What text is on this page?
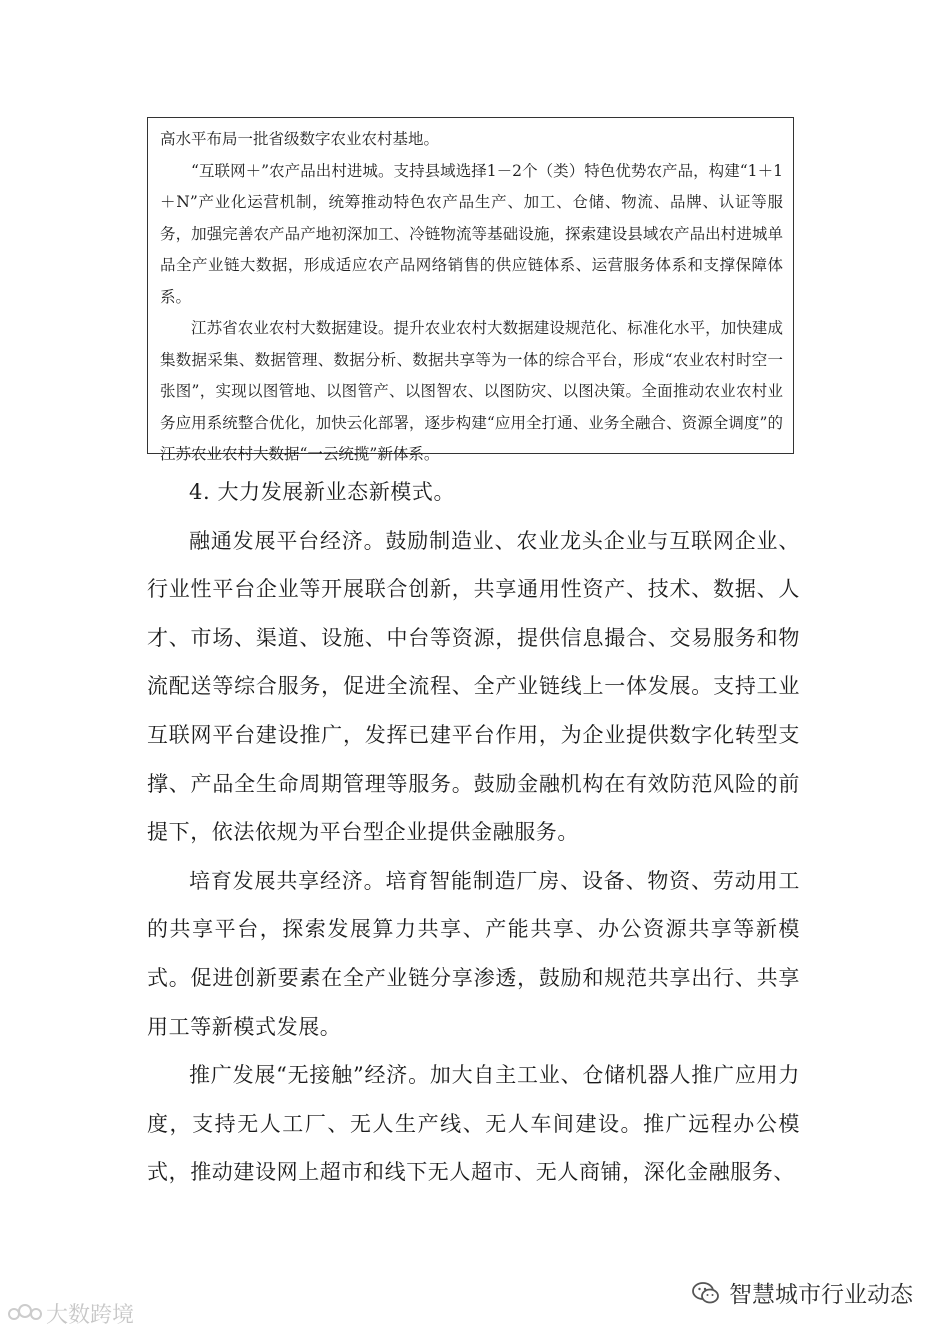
高水平布局一批省级数字农业农村基地。

“互联网＋”农产品出村进城。支持县域选择1－2个（类）特色优势农产品，构建“1＋1＋N”产业化运营机制，统筹推动特色农产品生产、加工、仓储、物流、品牌、认证等服务，加强完善农产品产地初深加工、冷链物流等基础设施，探索建设县域农产品出村进城单品全产业链大数据，形成适应农产品网络销售的供应链体系、运营服务体系和支撑保障体系。

江苏省农业农村大数据建设。提升农业农村大数据建设规范化、标准化水平，加快建成集数据采集、数据管理、数据分析、数据共享等为一体的综合平台，形成“农业农村时空一张图”，实现以图管地、以图管产、以图智农、以图防灾、以图决策。全面推动农业农村业务应用系统整合优化，加快云化部署，逐步构建“应用全打通、业务全融合、资源全调度”的江苏农业农村大数据“一云统揽”新体系。

4. 大力发展新业态新模式。

融通发展平台经济。鼓励制造业、农业龙头企业与互联网企业、行业性平台企业等开展联合创新，共享通用性资产、技术、数据、人才、市场、渠道、设施、中台等资源，提供信息撮合、交易服务和物流配送等综合服务，促进全流程、全产业链线上一体发展。支持工业互联网平台建设推广，发挥已建平台作用，为企业提供数字化转型支撑、产品全生命周期管理等服务。鼓励金融机构在有效防范风险的前提下，依法依规为平台型企业提供金融服务。

培育发展共享经济。培育智能制造厂房、设备、物资、劳动用工的共享平台，探索发展算力共享、产能共享、办公资源共享等新模式。促进创新要素在全产业链分享渗透，鼓励和规范共享出行、共享用工等新模式发展。

推广发展“无接触”经济。加大自主工业、仓储机器人推广应用力度，支持无人工厂、无人生产线、无人车间建设。推广远程办公模式，推动建设网上超市和线下无人超市、无人商铺，深化金融服务、

大数跨境
智慧城市行业动态
